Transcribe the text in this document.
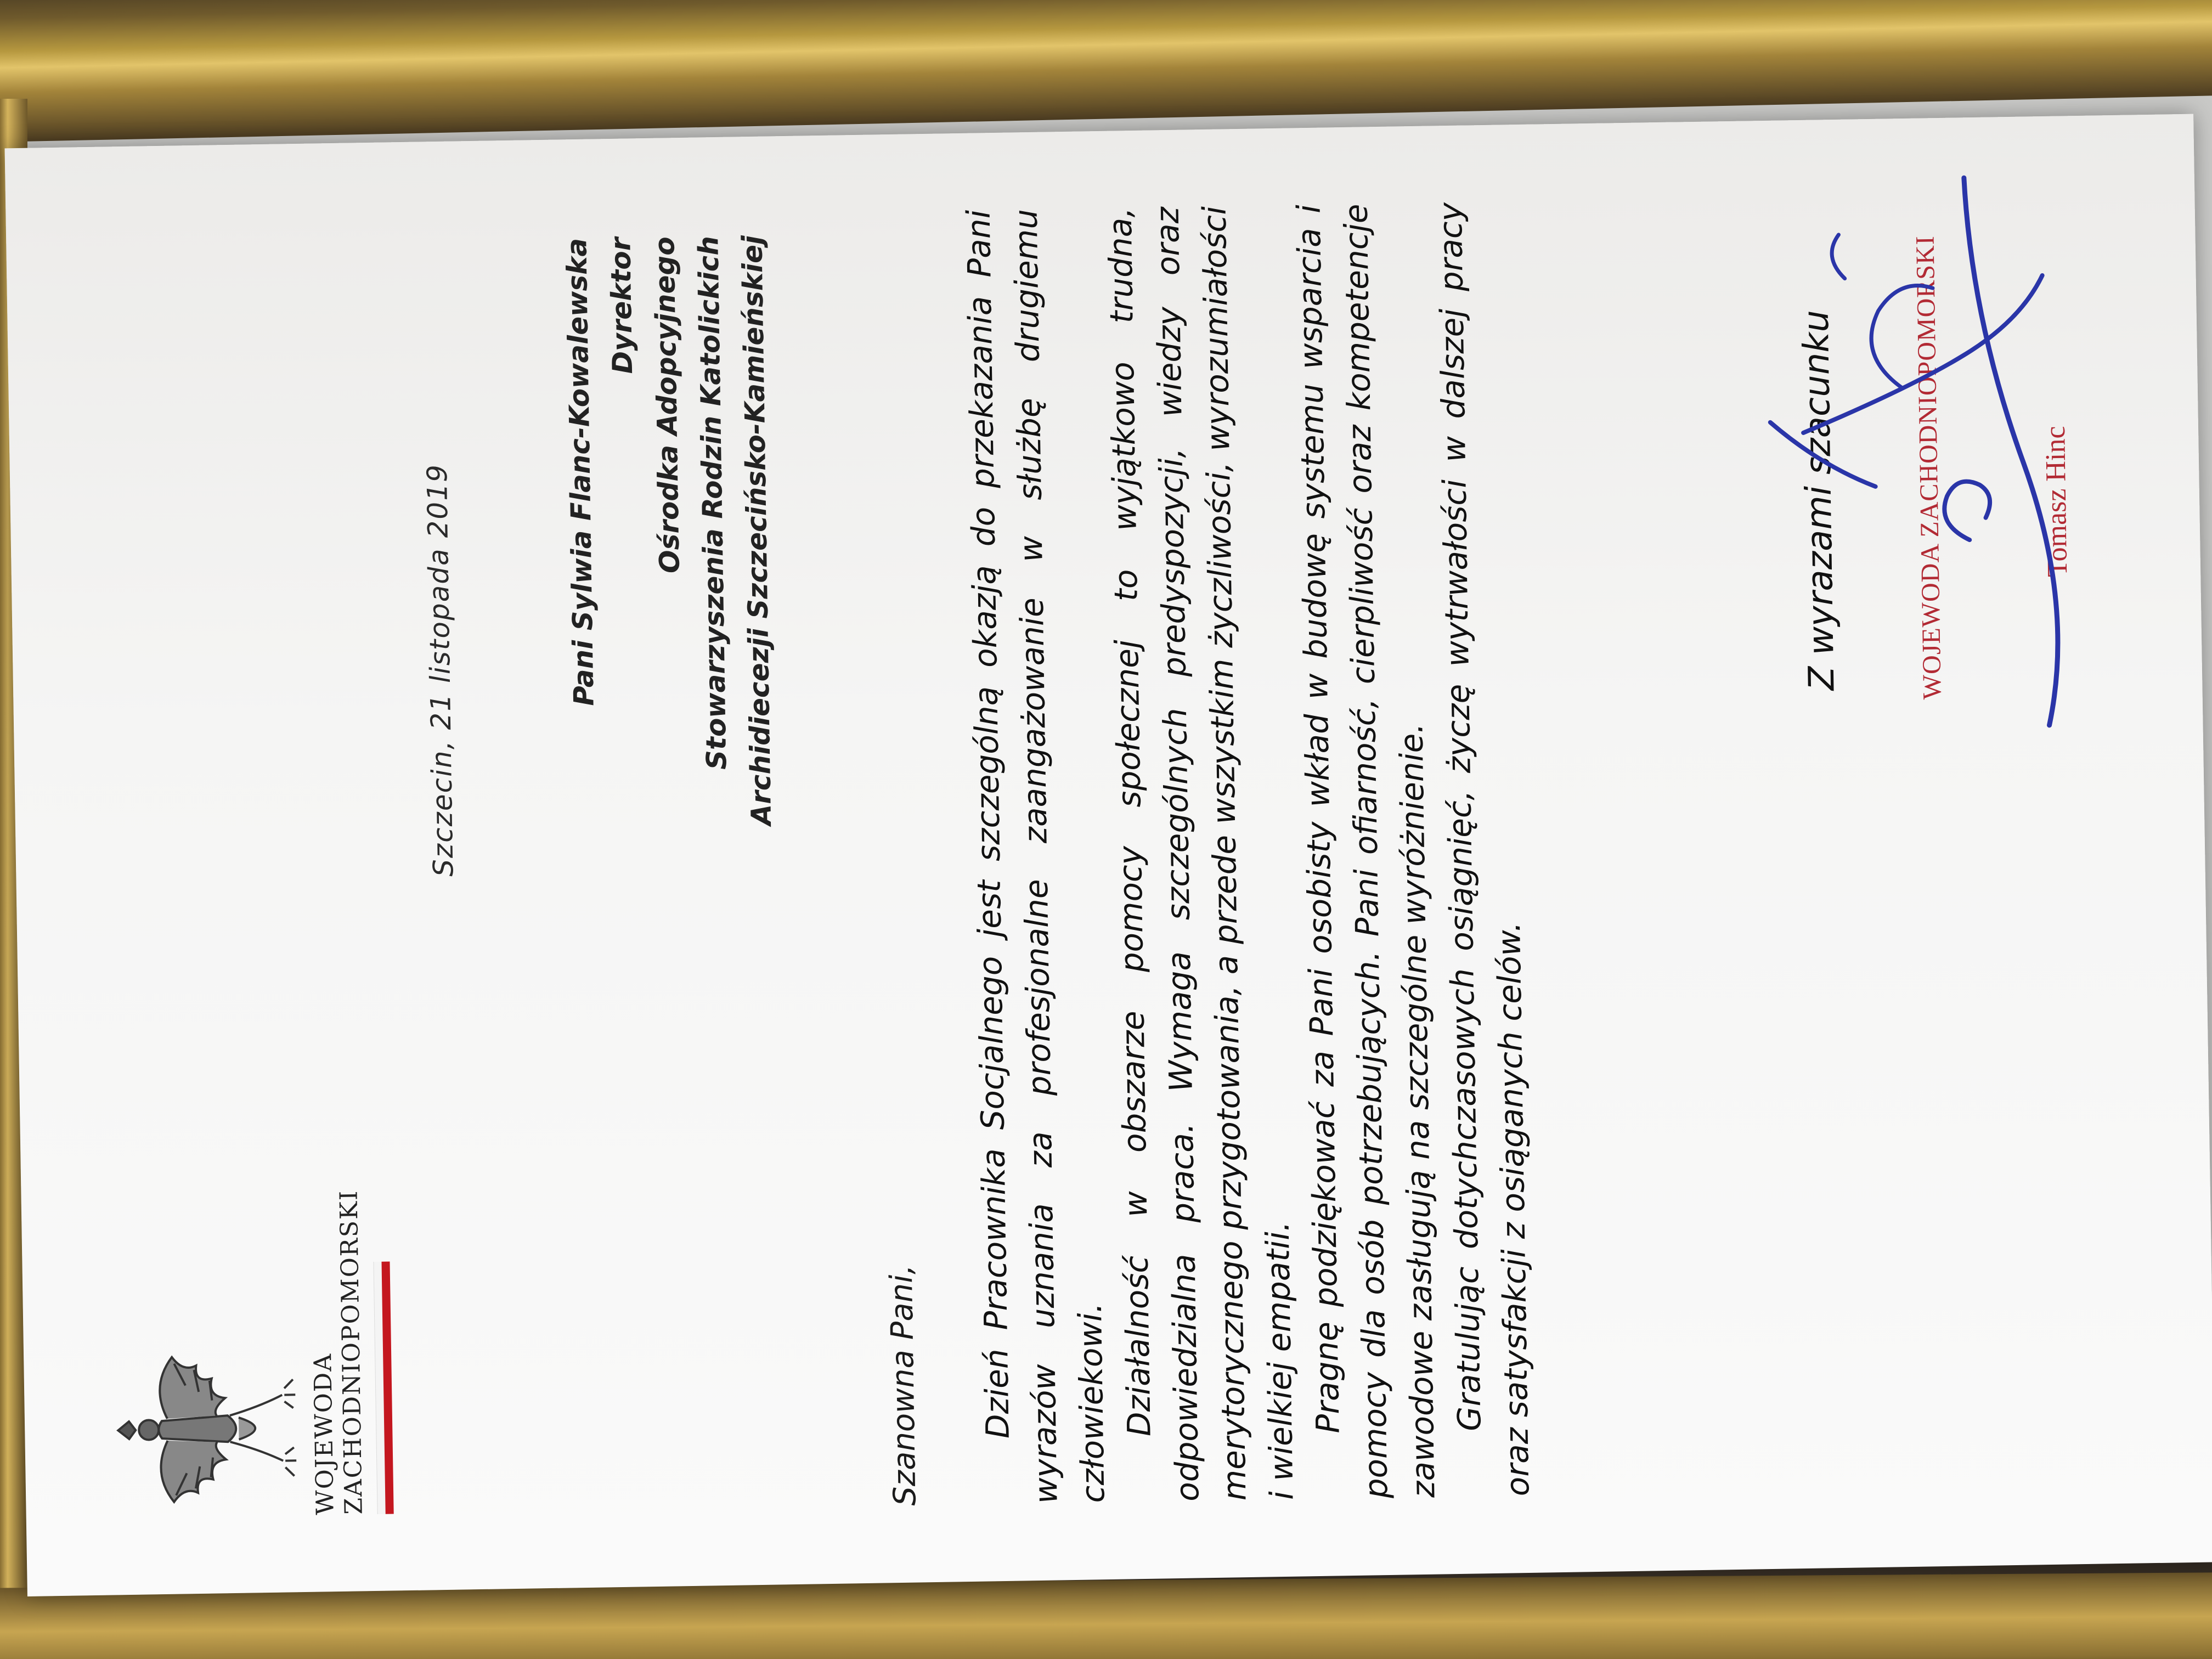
WOJEWODA
ZACHODNIOPOMORSKI
Szczecin, 21 listopada 2019	Pani Sylwia Flanc-Kowalewska Dyrektor Ośrodka Adopcyjnego Stowarzyszenia Rodzin Katolickich Archidiecezji Szczecińsko-Kamieńskiej
Szanowna Pani, Dzień Pracownika Socjalnego jest szczególną okazją do przekazania Pani wyrazów uznania za profesjonalne zaangażowanie w służbę drugiemu człowiekowi.

Działalność w obszarze pomocy społecznej to wyjątkowo trudna, odpowiedzialna praca. Wymaga szczególnych predyspozycji, wiedzy oraz merytorycznego przygotowania, a przede wszystkim życzliwości, wyrozumiałości i wielkiej empatii.

Pragnę podziękować za Pani osobisty wkład w budowę systemu wsparcia i pomocy dla osób potrzebujących. Pani ofiarność, cierpliwość oraz kompetencje zawodowe zasługują na szczególne wyróżnienie.

Gratulując dotychczasowych osiągnięć, życzę wytrwałości w dalszej pracy oraz satysfakcji z osiąganych celów.

Z wyrazami szacunku	WOJEWODA ZACHODNIOPOMORSKI	Tomasz Hinc
